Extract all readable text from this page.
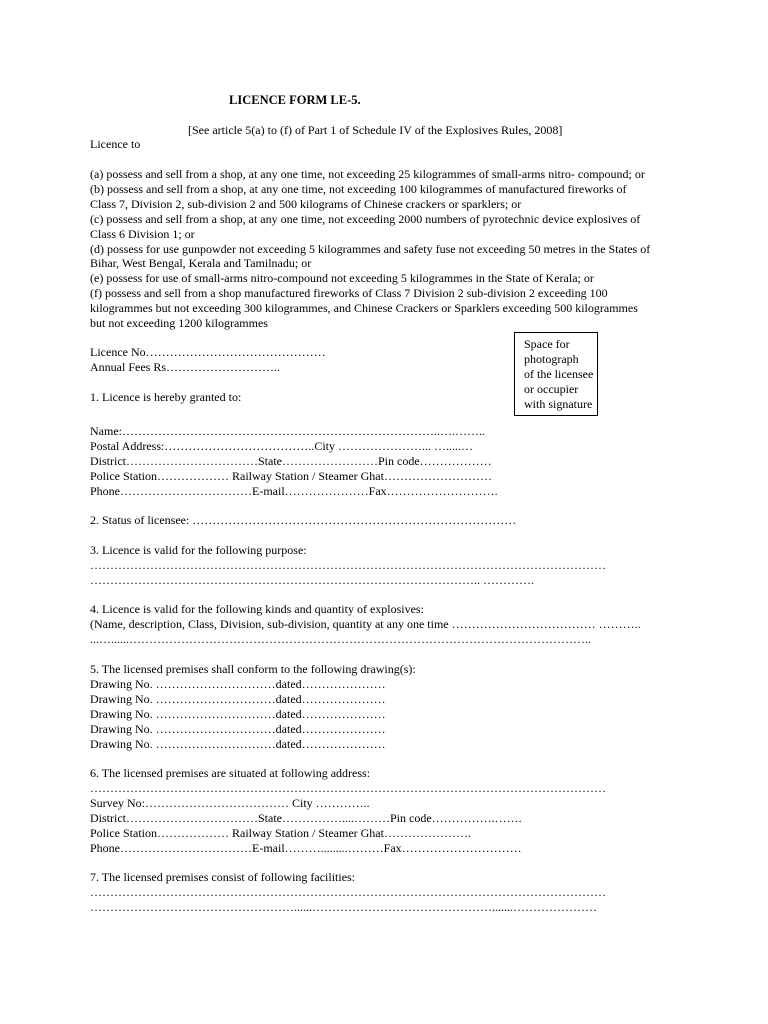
LICENCE FORM LE-5.
[See article 5(a) to (f) of Part 1 of Schedule IV of the Explosives Rules, 2008]
Licence to
(a) possess and sell from a shop, at any one time, not exceeding 25 kilogrammes of small-arms nitro- compound; or
(b) possess and sell from a shop, at any one time, not exceeding 100 kilogrammes of manufactured fireworks of
Class 7, Division 2, sub-division 2 and 500 kilograms of Chinese crackers or sparklers; or
(c) possess and sell from a shop, at any one time, not exceeding 2000 numbers of pyrotechnic device explosives of
Class 6 Division 1; or
(d) possess for use gunpowder not exceeding 5 kilogrammes and safety fuse not exceeding 50 metres in the States of
Bihar, West Bengal, Kerala and Tamilnadu; or
(e) possess for use of small-arms nitro-compound not exceeding 5 kilogrammes in the State of Kerala; or
(f) possess and sell from a shop manufactured fireworks of Class 7 Division 2 sub-division 2 exceeding 100
kilogrammes but not exceeding 300 kilogrammes, and Chinese Crackers or Sparklers exceeding 500 kilogrammes
but not exceeding 1200 kilogrammes
Licence No………………………………………
Annual Fees Rs………………………..
1. Licence is hereby granted to:
Name:……………………………………………………………………..….……..
Postal Address:………………………………..City …………………... ….....…
District……………………………State……………………Pin code………………
Police Station……………… Railway Station / Steamer Ghat………………………
Phone……………………………E-mail…………………Fax……………………….
2. Status of licensee: ………………………………………………………………………
3. Licence is valid for the following purpose:
…………………………………………………………………………………………………………………
…………………………………………………………………………………….. ………….
4. Licence is valid for the following kinds and quantity of explosives:
(Name, description, Class, Division, sub-division, quantity at any one time ……………………………… ………..
...…......……………………………………………………………………………………………………..
5. The licensed premises shall conform to the following drawing(s):
Drawing No. …………………………dated…………………
Drawing No. …………………………dated…………………
Drawing No. …………………………dated…………………
Drawing No. …………………………dated…………………
Drawing No. …………………………dated…………………
6. The licensed premises are situated at following address:
…………………………………………………………………………………………………………………
Survey No:……………………………… City …………..
District……………………………State……………....………Pin code…………….…….
Police Station……………… Railway Station / Steamer Ghat………………….
Phone……………………………E-mail……….........………Fax…………………………
7. The licensed premises consist of following facilities:
…………………………………………………………………………………………………………………
……………………………………………......……………………………………….......…………………
Space for
photograph
of the licensee
or occupier
with signature
